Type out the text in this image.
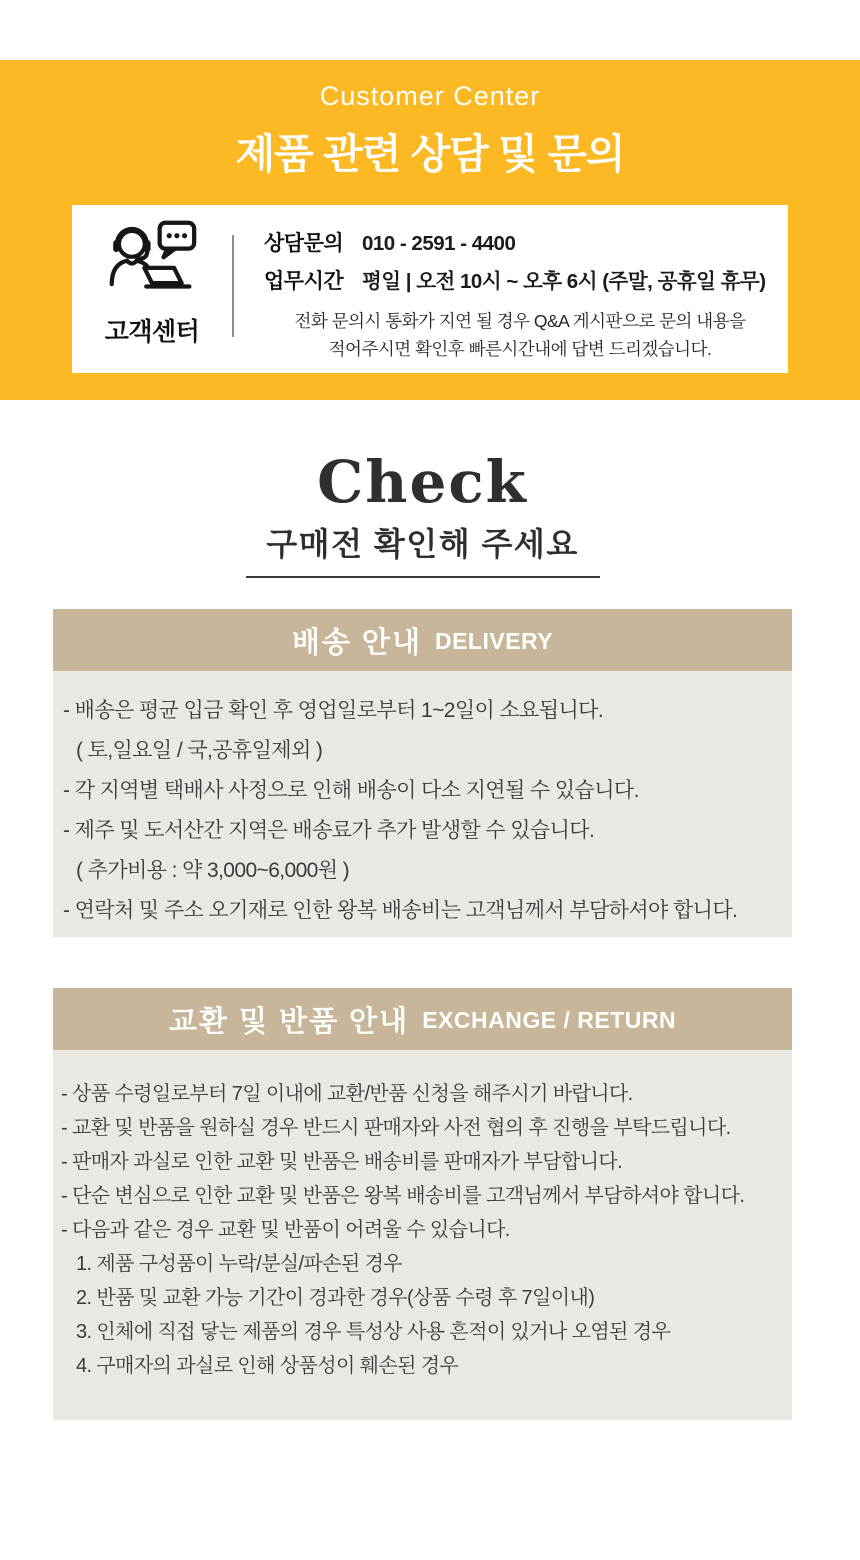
Customer Center
제품 관련 상담 및 문의
고객센터
상담문의 010 - 2591 - 4400
업무시간 평일 | 오전 10시 ~ 오후 6시 (주말, 공휴일 휴무)
전화 문의시 통화가 지연 될 경우 Q&A 게시판으로 문의 내용을
적어주시면 확인후 빠른시간내에 답변 드리겠습니다.
Check
구매전 확인해 주세요
배송 안내 DELIVERY
- 배송은 평균 입금 확인 후 영업일로부터 1~2일이 소요됩니다.
( 토,일요일 / 국,공휴일제외 )
- 각 지역별 택배사 사정으로 인해 배송이 다소 지연될 수 있습니다.
- 제주 및 도서산간 지역은 배송료가 추가 발생할 수 있습니다.
( 추가비용 : 약 3,000~6,000원 )
- 연락처 및 주소 오기재로 인한 왕복 배송비는 고객님께서 부담하셔야 합니다.
교환 및 반품 안내 EXCHANGE / RETURN
- 상품 수령일로부터 7일 이내에 교환/반품 신청을 해주시기 바랍니다.
- 교환 및 반품을 원하실 경우 반드시 판매자와 사전 협의 후 진행을 부탁드립니다.
- 판매자 과실로 인한 교환 및 반품은 배송비를 판매자가 부담합니다.
- 단순 변심으로 인한 교환 및 반품은 왕복 배송비를 고객님께서 부담하셔야 합니다.
- 다음과 같은 경우 교환 및 반품이 어려울 수 있습니다.
1. 제품 구성품이 누락/분실/파손된 경우
2. 반품 및 교환 가능 기간이 경과한 경우(상품 수령 후 7일이내)
3. 인체에 직접 닿는 제품의 경우 특성상 사용 흔적이 있거나 오염된 경우
4. 구매자의 과실로 인해 상품성이 훼손된 경우
